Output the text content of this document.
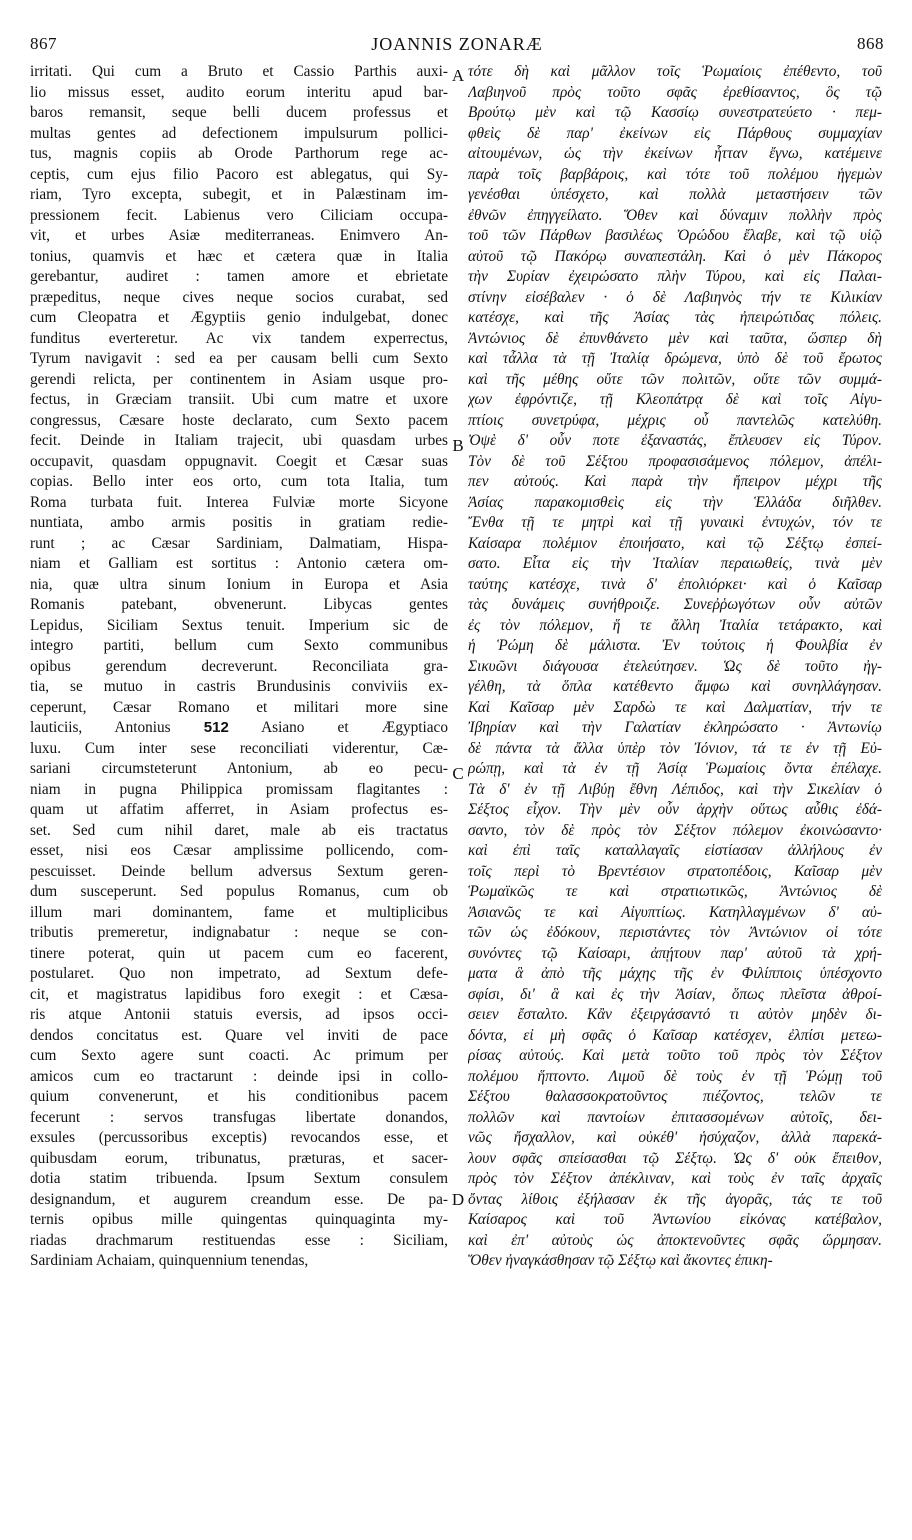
867	JOANNIS ZONARÆ	868
irritati. Qui cum a Bruto et Cassio Parthis auxi-
lio missus esset, audito eorum interitu apud bar-
baros remansit, seque belli ducem professus et
multas gentes ad defectionem impulsurum pollici-
tus, magnis copiis ab Orode Parthorum rege ac-
ceptis, cum ejus filio Pacoro est ablegatus, qui Sy-
riam, Tyro excepta, subegit, et in Palæstinam im-
pressionem fecit. Labienus vero Ciliciam occupa-
vit, et urbes Asiæ mediterraneas. Enimvero An-
tonius, quamvis et hæc et cætera quæ in Italia
gerebantur, audiret : tamen amore et ebrietate
præpeditus, neque cives neque socios curabat, sed
cum Cleopatra et Ægyptiis genio indulgebat, donec
funditus everteretur. Ac vix tandem experrectus,
Tyrum navigavit : sed ea per causam belli cum Sexto
gerendi relicta, per continentem in Asiam usque pro-
fectus, in Græciam transiit. Ubi cum matre et uxore
congressus, Cæsare hoste declarato, cum Sexto pacem
fecit. Deinde in Italiam trajecit, ubi quasdam urbes
occupavit, quasdam oppugnavit. Coegit et Cæsar suas
copias. Bello inter eos orto, cum tota Italia, tum
Roma turbata fuit. Interea Fulviæ morte Sicyone
nuntiata, ambo armis positis in gratiam redie-
runt ; ac Cæsar Sardiniam, Dalmatiam, Hispa-
niam et Galliam est sortitus : Antonio cætera om-
nia, quæ ultra sinum Ionium in Europa et Asia
Romanis patebant, obvenerunt. Libycas gentes
Lepidus, Siciliam Sextus tenuit. Imperium sic de
integro partiti, bellum cum Sexto communibus
opibus gerendum decreverunt. Reconciliata gra-
tia, se mutuo in castris Brundusinis conviviis ex-
ceperunt, Cæsar Romano et militari more sine
lauticiis, Antonius 512 Asiano et Ægyptiaco
luxu. Cum inter sese reconciliati viderentur, Cæ-
sariani circumsteterunt Antonium, ab eo pecu-
niam in pugna Philippica promissam flagitantes :
quam ut affatim afferret, in Asiam profectus es-
set. Sed cum nihil daret, male ab eis tractatus
esset, nisi eos Cæsar amplissime pollicendo, com-
pescuisset. Deinde bellum adversus Sextum geren-
dum susceperunt. Sed populus Romanus, cum ob
illum mari dominantem, fame et multiplicibus
tributis premeretur, indignabatur : neque se con-
tinere poterat, quin ut pacem cum eo facerent,
postularet. Quo non impetrato, ad Sextum defe-
cit, et magistratus lapidibus foro exegit : et Cæsa-
ris atque Antonii statuis eversis, ad ipsos occi-
dendos concitatus est. Quare vel inviti de pace
cum Sexto agere sunt coacti. Ac primum per
amicos cum eo tractarunt : deinde ipsi in collo-
quium convenerunt, et his conditionibus pacem
fecerunt : servos transfugas libertate donandos,
exsules (percussoribus exceptis) revocandos esse, et
quibusdam eorum, tribunatus, præturas, et sacer-
dotia statim tribuenda. Ipsum Sextum consulem
designandum, et augurem creandum esse. De pa-
ternis opibus mille quingentas quinquaginta my-
riadas drachmarum restituendas esse : Siciliam,
Sardiniam Achaiam, quinquennium tenendas,
A
B
C
D
τότε δὴ καὶ μᾶλλον τοῖς Ῥωμαίοις ἐπέθεντο, τοῦ
Λαβιηνοῦ πρὸς τοῦτο σφᾶς ἐρεθίσαντος, ὃς τῷ
Βρούτῳ μὲν καὶ τῷ Κασσίῳ συνεστρατεύετο · πεμ-
φθεὶς δὲ παρ' ἐκείνων εἰς Πάρθους συμμαχίαν
αἰτουμένων, ὡς τὴν ἐκείνων ἧτταν ἔγνω, κατέμεινε
παρὰ τοῖς βαρβάροις, καὶ τότε τοῦ πολέμου ἡγεμὼν
γενέσθαι ὑπέσχετο, καὶ πολλὰ μεταστήσειν τῶν
ἐθνῶν ἐπηγγείλατο. Ὅθεν καὶ δύναμιν πολλὴν πρὸς
τοῦ τῶν Πάρθων βασιλέως Ὀρώδου ἔλαβε, καὶ τῷ υἱῷ
αὐτοῦ τῷ Πακόρῳ συναπεστάλη. Καὶ ὁ μὲν Πάκορος
τὴν Συρίαν ἐχειρώσατο πλὴν Τύρου, καὶ εἰς Παλαι-
στίνην εἰσέβαλεν · ὁ δὲ Λαβιηνὸς τήν τε Κιλικίαν
κατέσχε, καὶ τῆς Ἀσίας τὰς ἠπειρώτιδας πόλεις.
Ἀντώνιος δὲ ἐπυνθάνετο μὲν καὶ ταῦτα, ὥσπερ δὴ
καὶ τἆλλα τὰ τῇ Ἰταλίᾳ δρώμενα, ὑπὸ δὲ τοῦ ἔρωτος
καὶ τῆς μέθης οὔτε τῶν πολιτῶν, οὔτε τῶν συμμά-
χων ἐφρόντιζε, τῇ Κλεοπάτρᾳ δὲ καὶ τοῖς Αἰγυ-
πτίοις συνετρύφα, μέχρις οὗ παντελῶς κατελύθη.
Ὀψὲ δ' οὖν ποτε ἐξαναστάς, ἔπλευσεν εἰς Τύρον.
Τὸν δὲ τοῦ Σέξτου προφασισάμενος πόλεμον, ἀπέλι-
πεν αὐτούς. Καὶ παρὰ τὴν ἤπειρον μέχρι τῆς
Ἀσίας παρακομισθεὶς εἰς τὴν Ἑλλάδα διῆλθεν.
Ἔνθα τῇ τε μητρὶ καὶ τῇ γυναικὶ ἐντυχών, τόν τε
Καίσαρα πολέμιον ἐποιήσατο, καὶ τῷ Σέξτῳ ἐσπεί-
σατο. Εἶτα εἰς τὴν Ἰταλίαν περαιωθείς, τινὰ μὲν
ταύτης κατέσχε, τινὰ δ' ἐπολιόρκει· καὶ ὁ Καῖσαρ
τὰς δυνάμεις συνήθροιζε. Συνεῤῥωγότων οὖν αὐτῶν
ἐς τὸν πόλεμον, ἥ τε ἄλλη Ἰταλία τετάρακτο, καὶ
ἡ Ῥώμη δὲ μάλιστα. Ἐν τούτοις ἡ Φουλβία ἐν
Σικυῶνι διάγουσα ἐτελεύτησεν. Ὡς δὲ τοῦτο ἠγ-
γέλθη, τὰ ὅπλα κατέθεντο ἄμφω καὶ συνηλλάγησαν.
Καὶ Καῖσαρ μὲν Σαρδὼ τε καὶ Δαλματίαν, τήν τε
Ἰβηρίαν καὶ τὴν Γαλατίαν ἐκληρώσατο · Ἀντωνίῳ
δὲ πάντα τὰ ἄλλα ὑπὲρ τὸν Ἰόνιον, τά τε ἐν τῇ Εὐ-
ρώπῃ, καὶ τὰ ἐν τῇ Ἀσίᾳ Ῥωμαίοις ὄντα ἐπέλαχε.
Τὰ δ' ἐν τῇ Λιβύῃ ἔθνη Λέπιδος, καὶ τὴν Σικελίαν ὁ
Σέξτος εἶχον. Τὴν μὲν οὖν ἀρχὴν οὕτως αὖθις ἐδά-
σαντο, τὸν δὲ πρὸς τὸν Σέξτον πόλεμον ἐκοινώσαντο·
καὶ ἐπὶ ταῖς καταλλαγαῖς εἱστίασαν ἀλλήλους ἐν
τοῖς περὶ τὸ Βρεντέσιον στρατοπέδοις, Καῖσαρ μὲν
Ῥωμαϊκῶς τε καὶ στρατιωτικῶς, Ἀντώνιος δὲ
Ἀσιανῶς τε καὶ Αἰγυπτίως. Κατηλλαγμένων δ' αὐ-
τῶν ὡς ἐδόκουν, περιστάντες τὸν Ἀντώνιον οἱ τότε
συνόντες τῷ Καίσαρι, ἀπῄτουν παρ' αὐτοῦ τὰ χρή-
ματα ἃ ἀπὸ τῆς μάχης τῆς ἐν Φιλίπποις ὑπέσχοντο
σφίσι, δι' ἃ καὶ ἐς τὴν Ἀσίαν, ὅπως πλεῖστα ἀθροί-
σειεν ἔσταλτο. Κἂν ἐξειργάσαντό τι αὐτὸν μηδὲν δι-
δόντα, εἰ μὴ σφᾶς ὁ Καῖσαρ κατέσχεν, ἐλπίσι μετεω-
ρίσας αὐτούς. Καὶ μετὰ τοῦτο τοῦ πρὸς τὸν Σέξτον
πολέμου ἥπτοντο. Λιμοῦ δὲ τοὺς ἐν τῇ Ῥώμῃ τοῦ
Σέξτου θαλασσοκρατοῦντος πιέζοντος, τελῶν τε
πολλῶν καὶ παντοίων ἐπιτασσομένων αὐτοῖς, δει-
νῶς ἤσχαλλον, καὶ οὐκέθ' ἡσύχαζον, ἀλλὰ παρεκά-
λουν σφᾶς σπείσασθαι τῷ Σέξτῳ. Ὡς δ' οὐκ ἔπειθον,
πρὸς τὸν Σέξτον ἀπέκλιναν, καὶ τοὺς ἐν ταῖς ἀρχαῖς
ὄντας λίθοις ἐξήλασαν ἐκ τῆς ἀγορᾶς, τάς τε τοῦ
Καίσαρος καὶ τοῦ Ἀντωνίου εἰκόνας κατέβαλον,
καὶ ἐπ' αὐτοὺς ὡς ἀποκτενοῦντες σφᾶς ὥρμησαν.
Ὅθεν ἠναγκάσθησαν τῷ Σέξτῳ καὶ ἄκοντες ἐπικη-
